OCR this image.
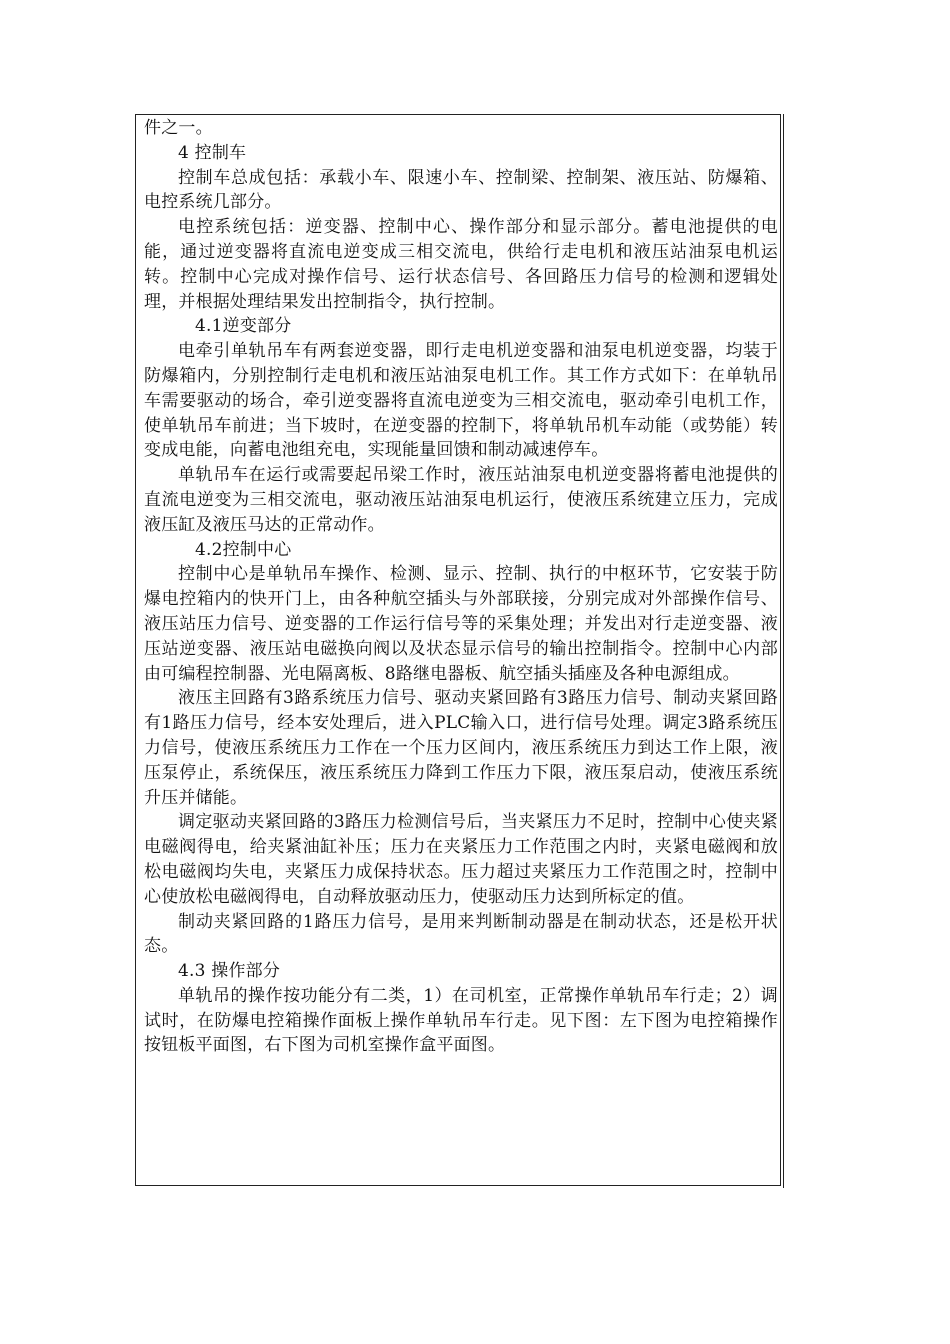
件之一。

4 控制车

控制车总成包括：承载小车、限速小车、控制梁、控制架、液压站、防爆箱、电控系统几部分。

电控系统包括：逆变器、控制中心、操作部分和显示部分。蓄电池提供的电能，通过逆变器将直流电逆变成三相交流电，供给行走电机和液压站油泵电机运转。控制中心完成对操作信号、运行状态信号、各回路压力信号的检测和逻辑处理，并根据处理结果发出控制指令，执行控制。

4.1逆变部分

电牵引单轨吊车有两套逆变器，即行走电机逆变器和油泵电机逆变器，均装于防爆箱内，分别控制行走电机和液压站油泵电机工作。其工作方式如下：在单轨吊车需要驱动的场合，牵引逆变器将直流电逆变为三相交流电，驱动牵引电机工作，使单轨吊车前进；当下坡时，在逆变器的控制下，将单轨吊机车动能（或势能）转变成电能，向蓄电池组充电，实现能量回馈和制动减速停车。

单轨吊车在运行或需要起吊梁工作时，液压站油泵电机逆变器将蓄电池提供的直流电逆变为三相交流电，驱动液压站油泵电机运行，使液压系统建立压力，完成液压缸及液压马达的正常动作。

4.2控制中心

控制中心是单轨吊车操作、检测、显示、控制、执行的中枢环节，它安装于防爆电控箱内的快开门上，由各种航空插头与外部联接，分别完成对外部操作信号、液压站压力信号、逆变器的工作运行信号等的采集处理；并发出对行走逆变器、液压站逆变器、液压站电磁换向阀以及状态显示信号的输出控制指令。控制中心内部由可编程控制器、光电隔离板、8路继电器板、航空插头插座及各种电源组成。

液压主回路有3路系统压力信号、驱动夹紧回路有3路压力信号、制动夹紧回路有1路压力信号，经本安处理后，进入PLC输入口，进行信号处理。调定3路系统压力信号，使液压系统压力工作在一个压力区间内，液压系统压力到达工作上限，液压泵停止，系统保压，液压系统压力降到工作压力下限，液压泵启动，使液压系统升压并储能。

调定驱动夹紧回路的3路压力检测信号后，当夹紧压力不足时，控制中心使夹紧电磁阀得电，给夹紧油缸补压；压力在夹紧压力工作范围之内时，夹紧电磁阀和放松电磁阀均失电，夹紧压力成保持状态。压力超过夹紧压力工作范围之时，控制中心使放松电磁阀得电，自动释放驱动压力，使驱动压力达到所标定的值。

制动夹紧回路的1路压力信号，是用来判断制动器是在制动状态，还是松开状态。

4.3 操作部分

单轨吊的操作按功能分有二类，1）在司机室，正常操作单轨吊车行走；2）调试时，在防爆电控箱操作面板上操作单轨吊车行走。见下图：左下图为电控箱操作按钮板平面图，右下图为司机室操作盒平面图。
